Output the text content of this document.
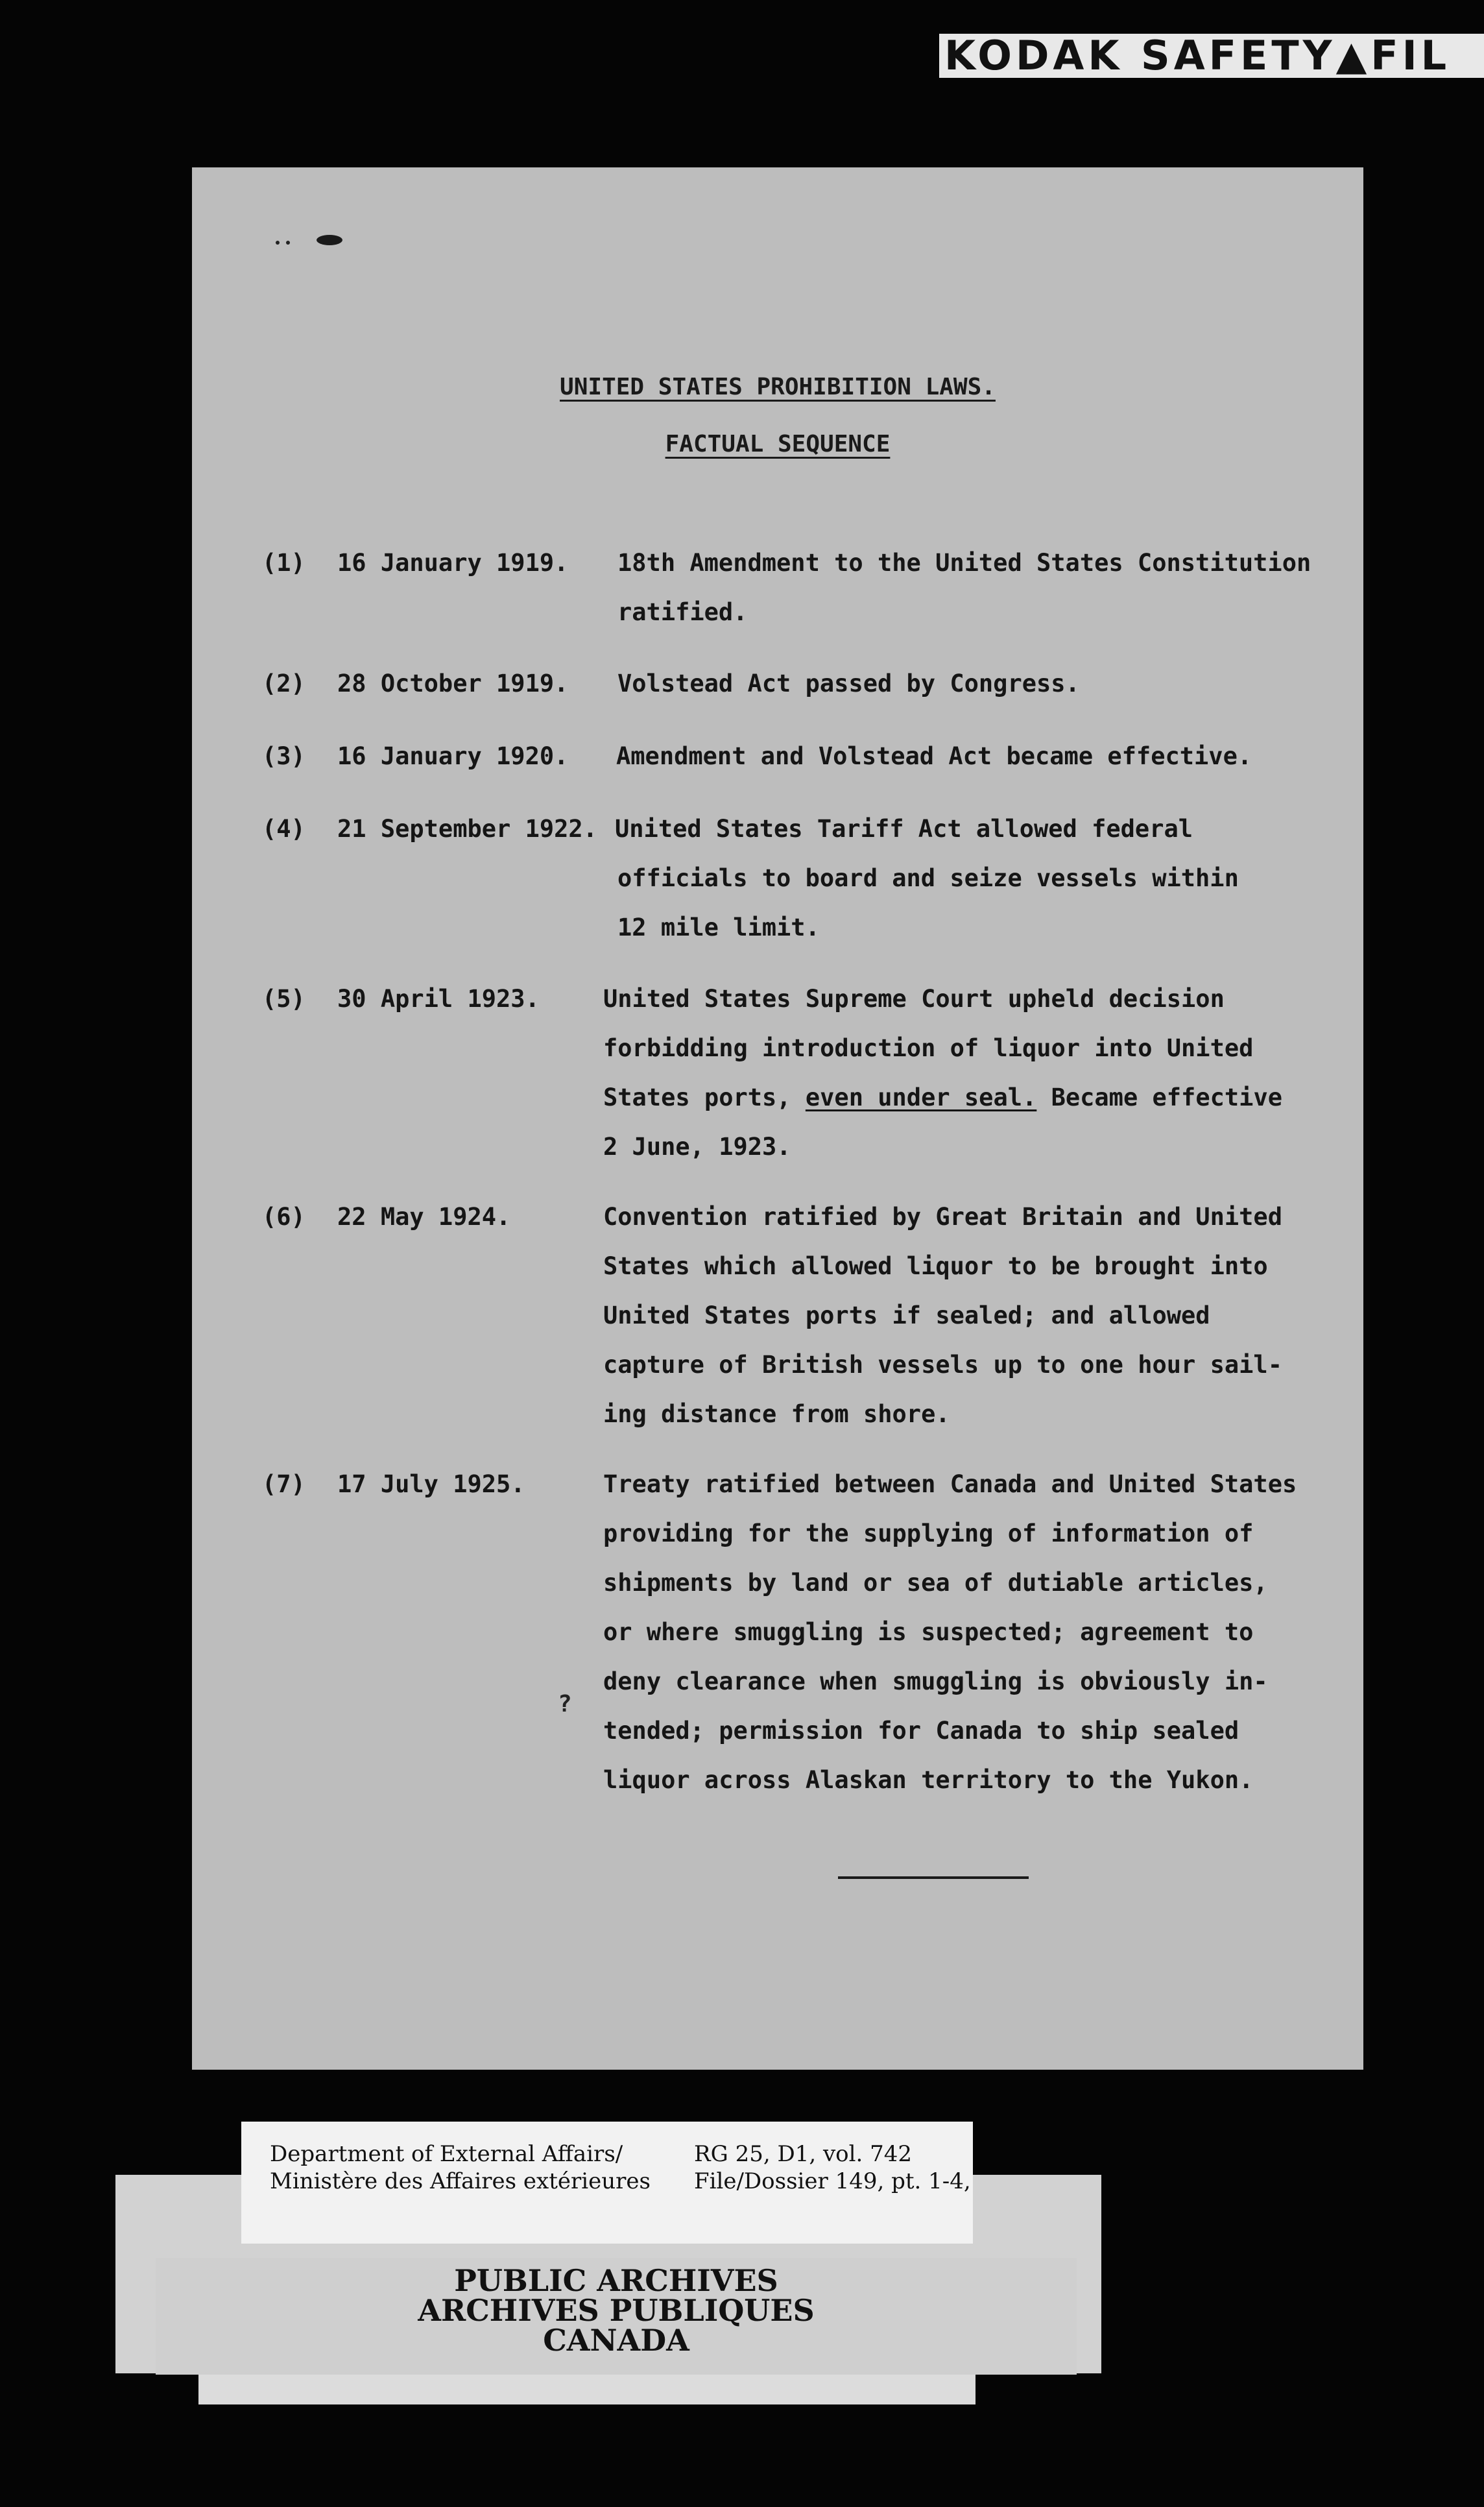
KODAK SAFETY▲FIL
UNITED STATES PROHIBITION LAWS.
FACTUAL SEQUENCE
(1) 16 January 1919. 18th Amendment to the United States Constitution
ratified.
(2) 28 October 1919. Volstead Act passed by Congress.
(3) 16 January 1920. Amendment and Volstead Act became effective.
(4) 21 September 1922. United States Tariff Act allowed federal
officials to board and seize vessels within
12 mile limit.
(5) 30 April 1923.	United States Supreme Court upheld decision
forbidding introduction of liquor into United
States ports, even under seal. Became effective
2 June, 1923.
(6) 22 May 1924.	Convention ratified by Great Britain and United
States which allowed liquor to be brought into
United States ports if sealed; and allowed
capture of British vessels up to one hour sail-
ing distance from shore.
(7) 17 July 1925.	Treaty ratified between Canada and United States
providing for the supplying of information of
shipments by land or sea of dutiable articles,
or where smuggling is suspected; agreement to
deny clearance when smuggling is obviously in-
tended; permission for Canada to ship sealed
liquor across Alaskan territory to the Yukon.
?
Department of External Affairs/
Ministère des Affaires extérieures
RG 25, D1, vol. 742
File/Dossier 149, pt. 1-4,
PUBLIC ARCHIVES
ARCHIVES PUBLIQUES
CANADA
